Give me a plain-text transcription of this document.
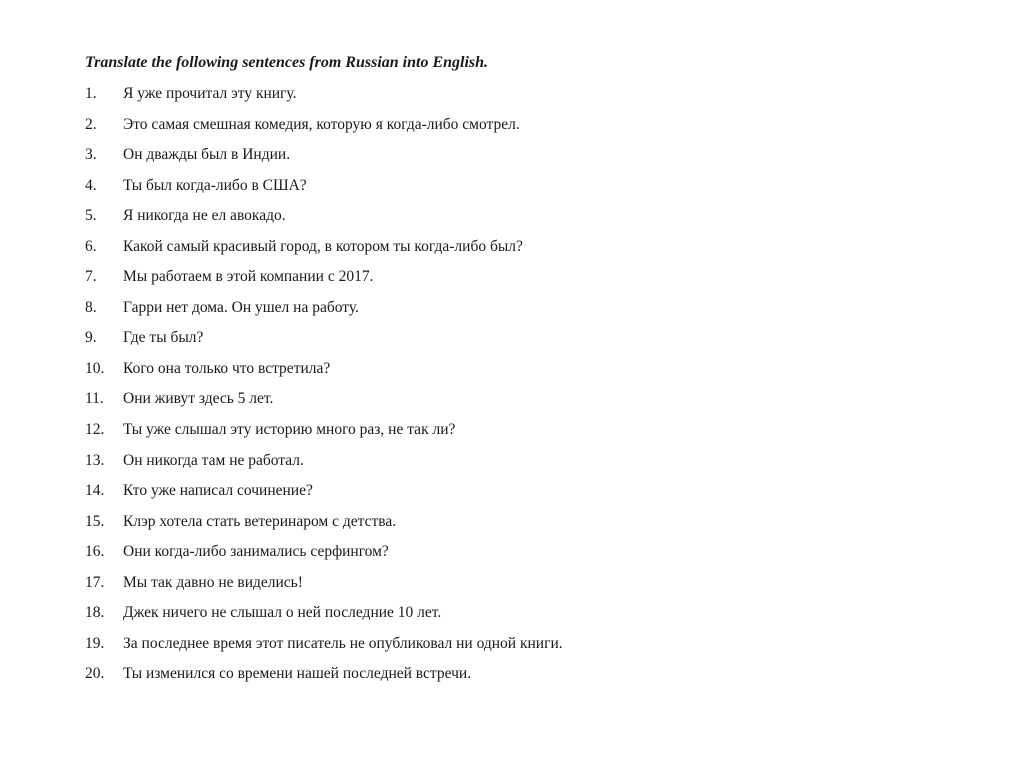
Translate the following sentences from Russian into English.
1.	Я уже прочитал эту книгу.
2.	Это самая смешная комедия, которую я когда-либо смотрел.
3.	Он дважды был в Индии.
4.	Ты был когда-либо в США?
5.	Я никогда не ел авокадо.
6.	Какой самый красивый город, в котором ты когда-либо был?
7.	Мы работаем в этой компании с 2017.
8.	Гарри нет дома. Он ушел на работу.
9.	Где ты был?
10.	Кого она только что встретила?
11.	Они живут здесь 5 лет.
12.	Ты уже слышал эту историю много раз, не так ли?
13.	Он никогда там не работал.
14.	Кто уже написал сочинение?
15.	Клэр хотела стать ветеринаром с детства.
16.	Они когда-либо занимались серфингом?
17.	Мы так давно не виделись!
18.	Джек ничего не слышал о ней последние 10 лет.
19.	За последнее время этот писатель не опубликовал ни одной книги.
20.	Ты изменился со времени нашей последней встречи.
